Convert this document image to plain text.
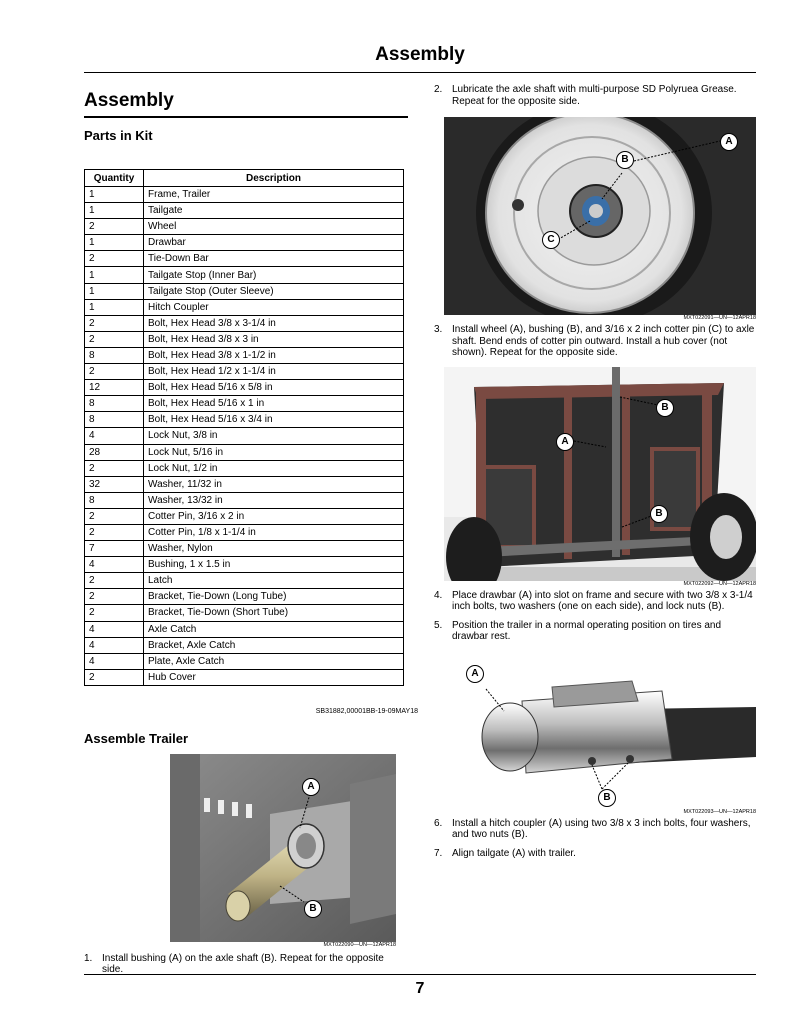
Assembly
Assembly
Parts in Kit
Quantity	Description
1	Frame, Trailer
1	Tailgate
2	Wheel
1	Drawbar
2	Tie-Down Bar
1	Tailgate Stop (Inner Bar)
1	Tailgate Stop (Outer Sleeve)
1	Hitch Coupler
2	Bolt, Hex Head 3/8 x 3-1/4 in
2	Bolt, Hex Head 3/8 x 3 in
8	Bolt, Hex Head 3/8 x 1-1/2 in
2	Bolt, Hex Head 1/2 x 1-1/4 in
12	Bolt, Hex Head 5/16 x 5/8 in
8	Bolt, Hex Head 5/16 x 1 in
8	Bolt, Hex Head 5/16 x 3/4 in
4	Lock Nut, 3/8 in
28	Lock Nut, 5/16 in
2	Lock Nut, 1/2 in
32	Washer, 11/32 in
8	Washer, 13/32 in
2	Cotter Pin, 3/16 x 2 in
2	Cotter Pin, 1/8 x 1-1/4 in
7	Washer, Nylon
4	Bushing, 1 x 1.5 in
2	Latch
2	Bracket, Tie-Down (Long Tube)
2	Bracket, Tie-Down (Short Tube)
4	Axle Catch
4	Bracket, Axle Catch
4	Plate, Axle Catch
2	Hub Cover
SB31882,00001BB-19-09MAY18
Assemble Trailer
A
B
MXT022090—UN—12APR18
1. Install bushing (A) on the axle shaft (B). Repeat for the opposite side.
2. Lubricate the axle shaft with multi-purpose SD Polyruea Grease. Repeat for the opposite side.
A
B
C
MXT022091—UN—12APR18
3. Install wheel (A), bushing (B), and 3/16 x 2 inch cotter pin (C) to axle shaft. Bend ends of cotter pin outward. Install a hub cover (not shown). Repeat for the opposite side.
B
A
B
MXT022092—UN—12APR18
4. Place drawbar (A) into slot on frame and secure with two 3/8 x 3-1/4 inch bolts, two washers (one on each side), and lock nuts (B).
5. Position the trailer in a normal operating position on tires and drawbar rest.
A
B
MXT022093—UN—12APR18
6. Install a hitch coupler (A) using two 3/8 x 3 inch bolts, four washers, and two nuts (B).
7. Align tailgate (A) with trailer.
7
